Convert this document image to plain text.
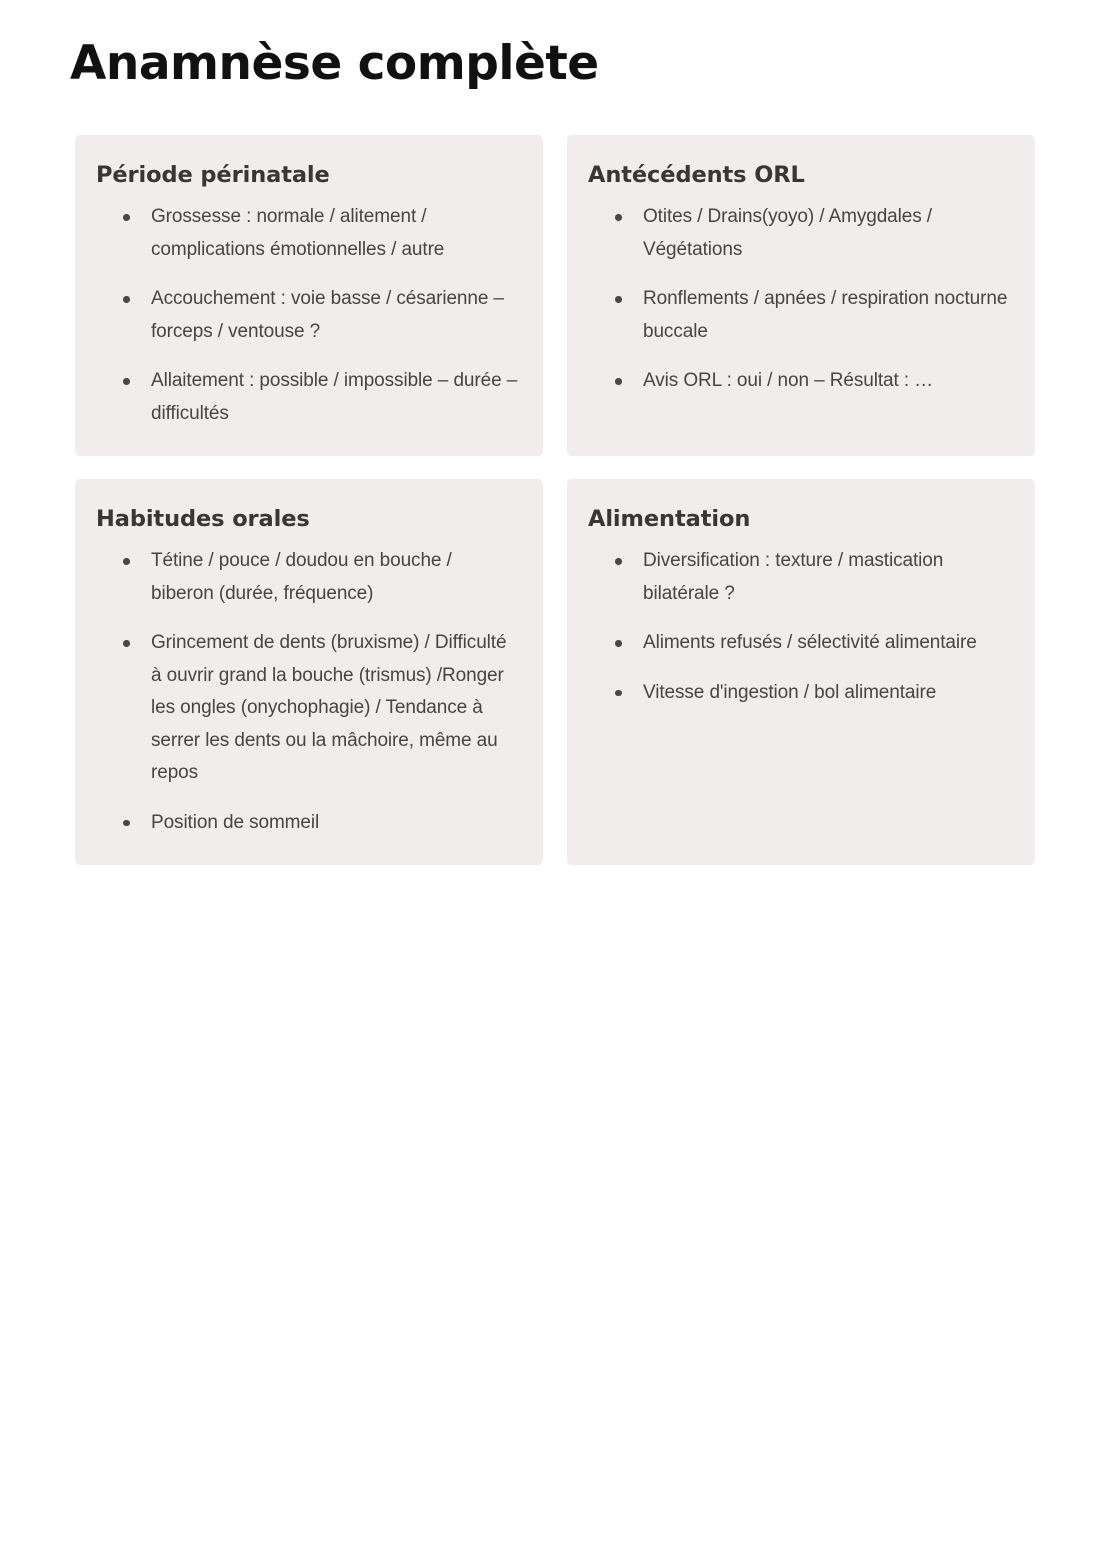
Anamnèse complète
Période périnatale
Grossesse : normale / alitement / complications émotionnelles / autre
Accouchement : voie basse / césarienne – forceps / ventouse ?
Allaitement : possible / impossible – durée – difficultés
Antécédents ORL
Otites / Drains(yoyo) / Amygdales / Végétations
Ronflements / apnées / respiration nocturne buccale
Avis ORL : oui / non – Résultat : …
Habitudes orales
Tétine / pouce / doudou en bouche / biberon (durée, fréquence)
Grincement de dents (bruxisme) / Difficulté à ouvrir grand la bouche (trismus) /Ronger les ongles (onychophagie) / Tendance à serrer les dents ou la mâchoire, même au repos
Position de sommeil
Alimentation
Diversification : texture / mastication bilatérale ?
Aliments refusés / sélectivité alimentaire
Vitesse d'ingestion / bol alimentaire
